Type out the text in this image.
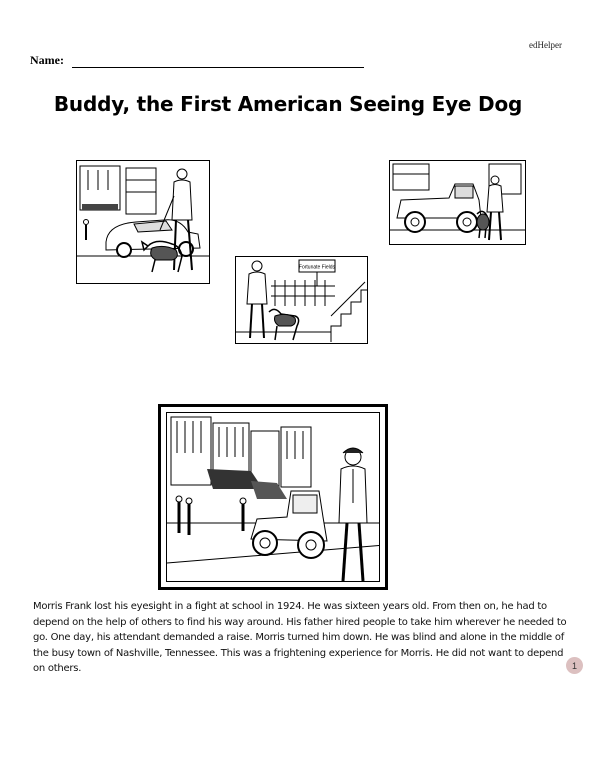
edHelper
Name:
Buddy, the First American Seeing Eye Dog
Fortunate Fields

Morris Frank lost his eyesight in a fight at school in 1924. He was sixteen years old. From then on, he had to depend on the help of others to find his way around. His father hired people to take him wherever he needed to go. One day, his attendant demanded a raise. Morris turned him down. He was blind and alone in the middle of the busy town of Nashville, Tennessee. This was a frightening experience for Morris. He did not want to depend on others.	1
